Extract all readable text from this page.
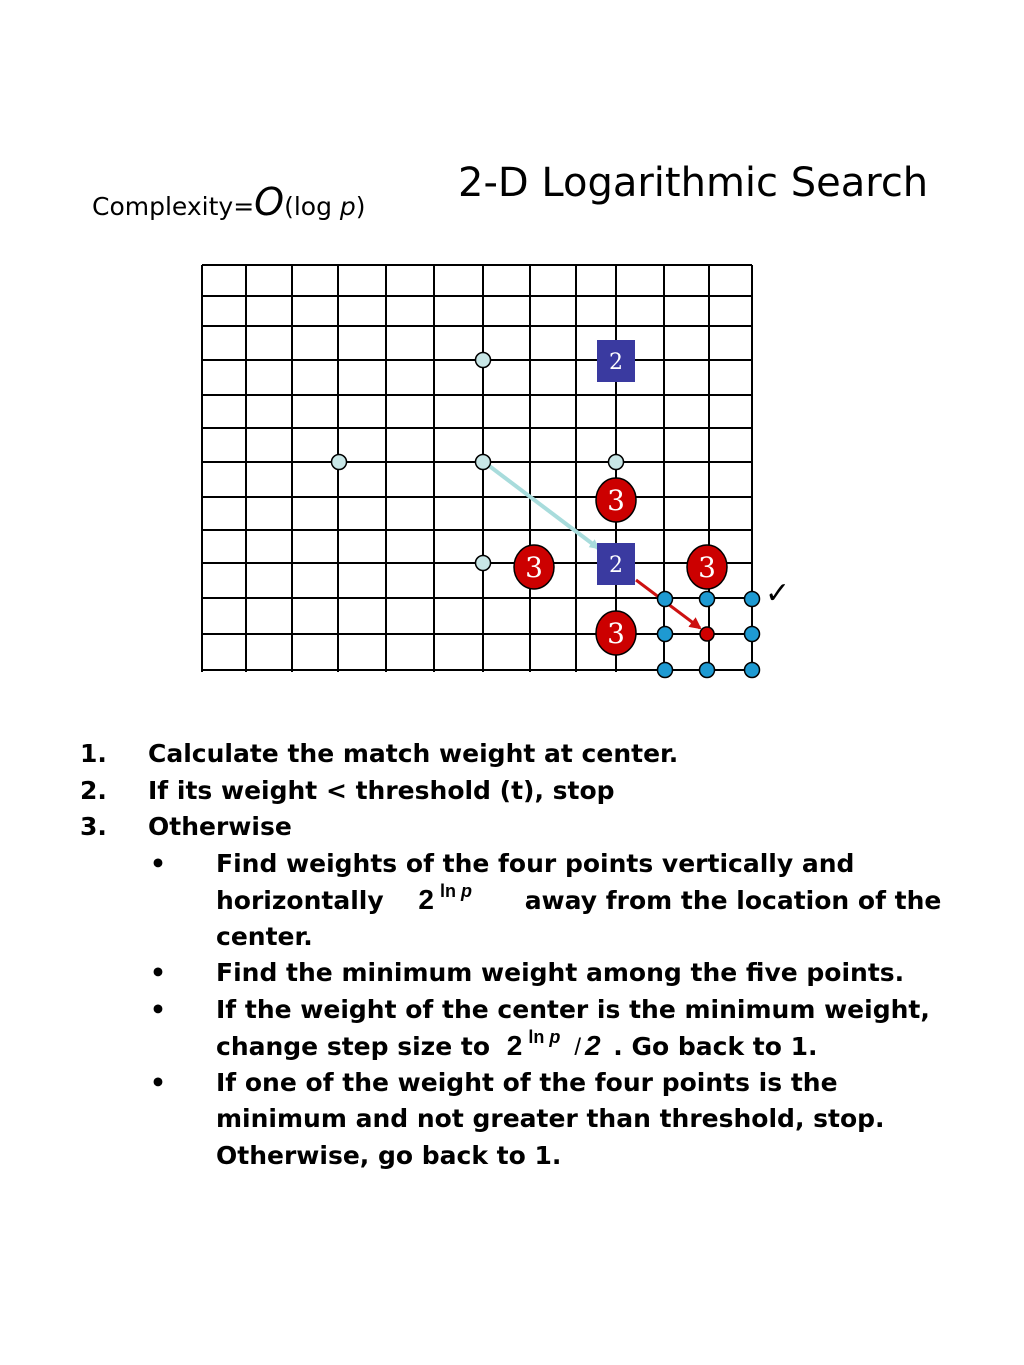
Complexity=O(log p)
2-D Logarithmic Search
2
2
3
3	3
3
✓
1. Calculate the match weight at center.
2. If its weight < threshold (t), stop
3. Otherwise
• Find weights of the four points vertically and
horizontally 2 $^{ln p}$ away from the location of the
center.
• Find the minimum weight among the five points.
• If the weight of the center is the minimum weight,
change step size to 2 $^{ln p}$ / 2 . Go back to 1.
• If one of the weight of the four points is the
minimum and not greater than threshold, stop.
Otherwise, go back to 1.
